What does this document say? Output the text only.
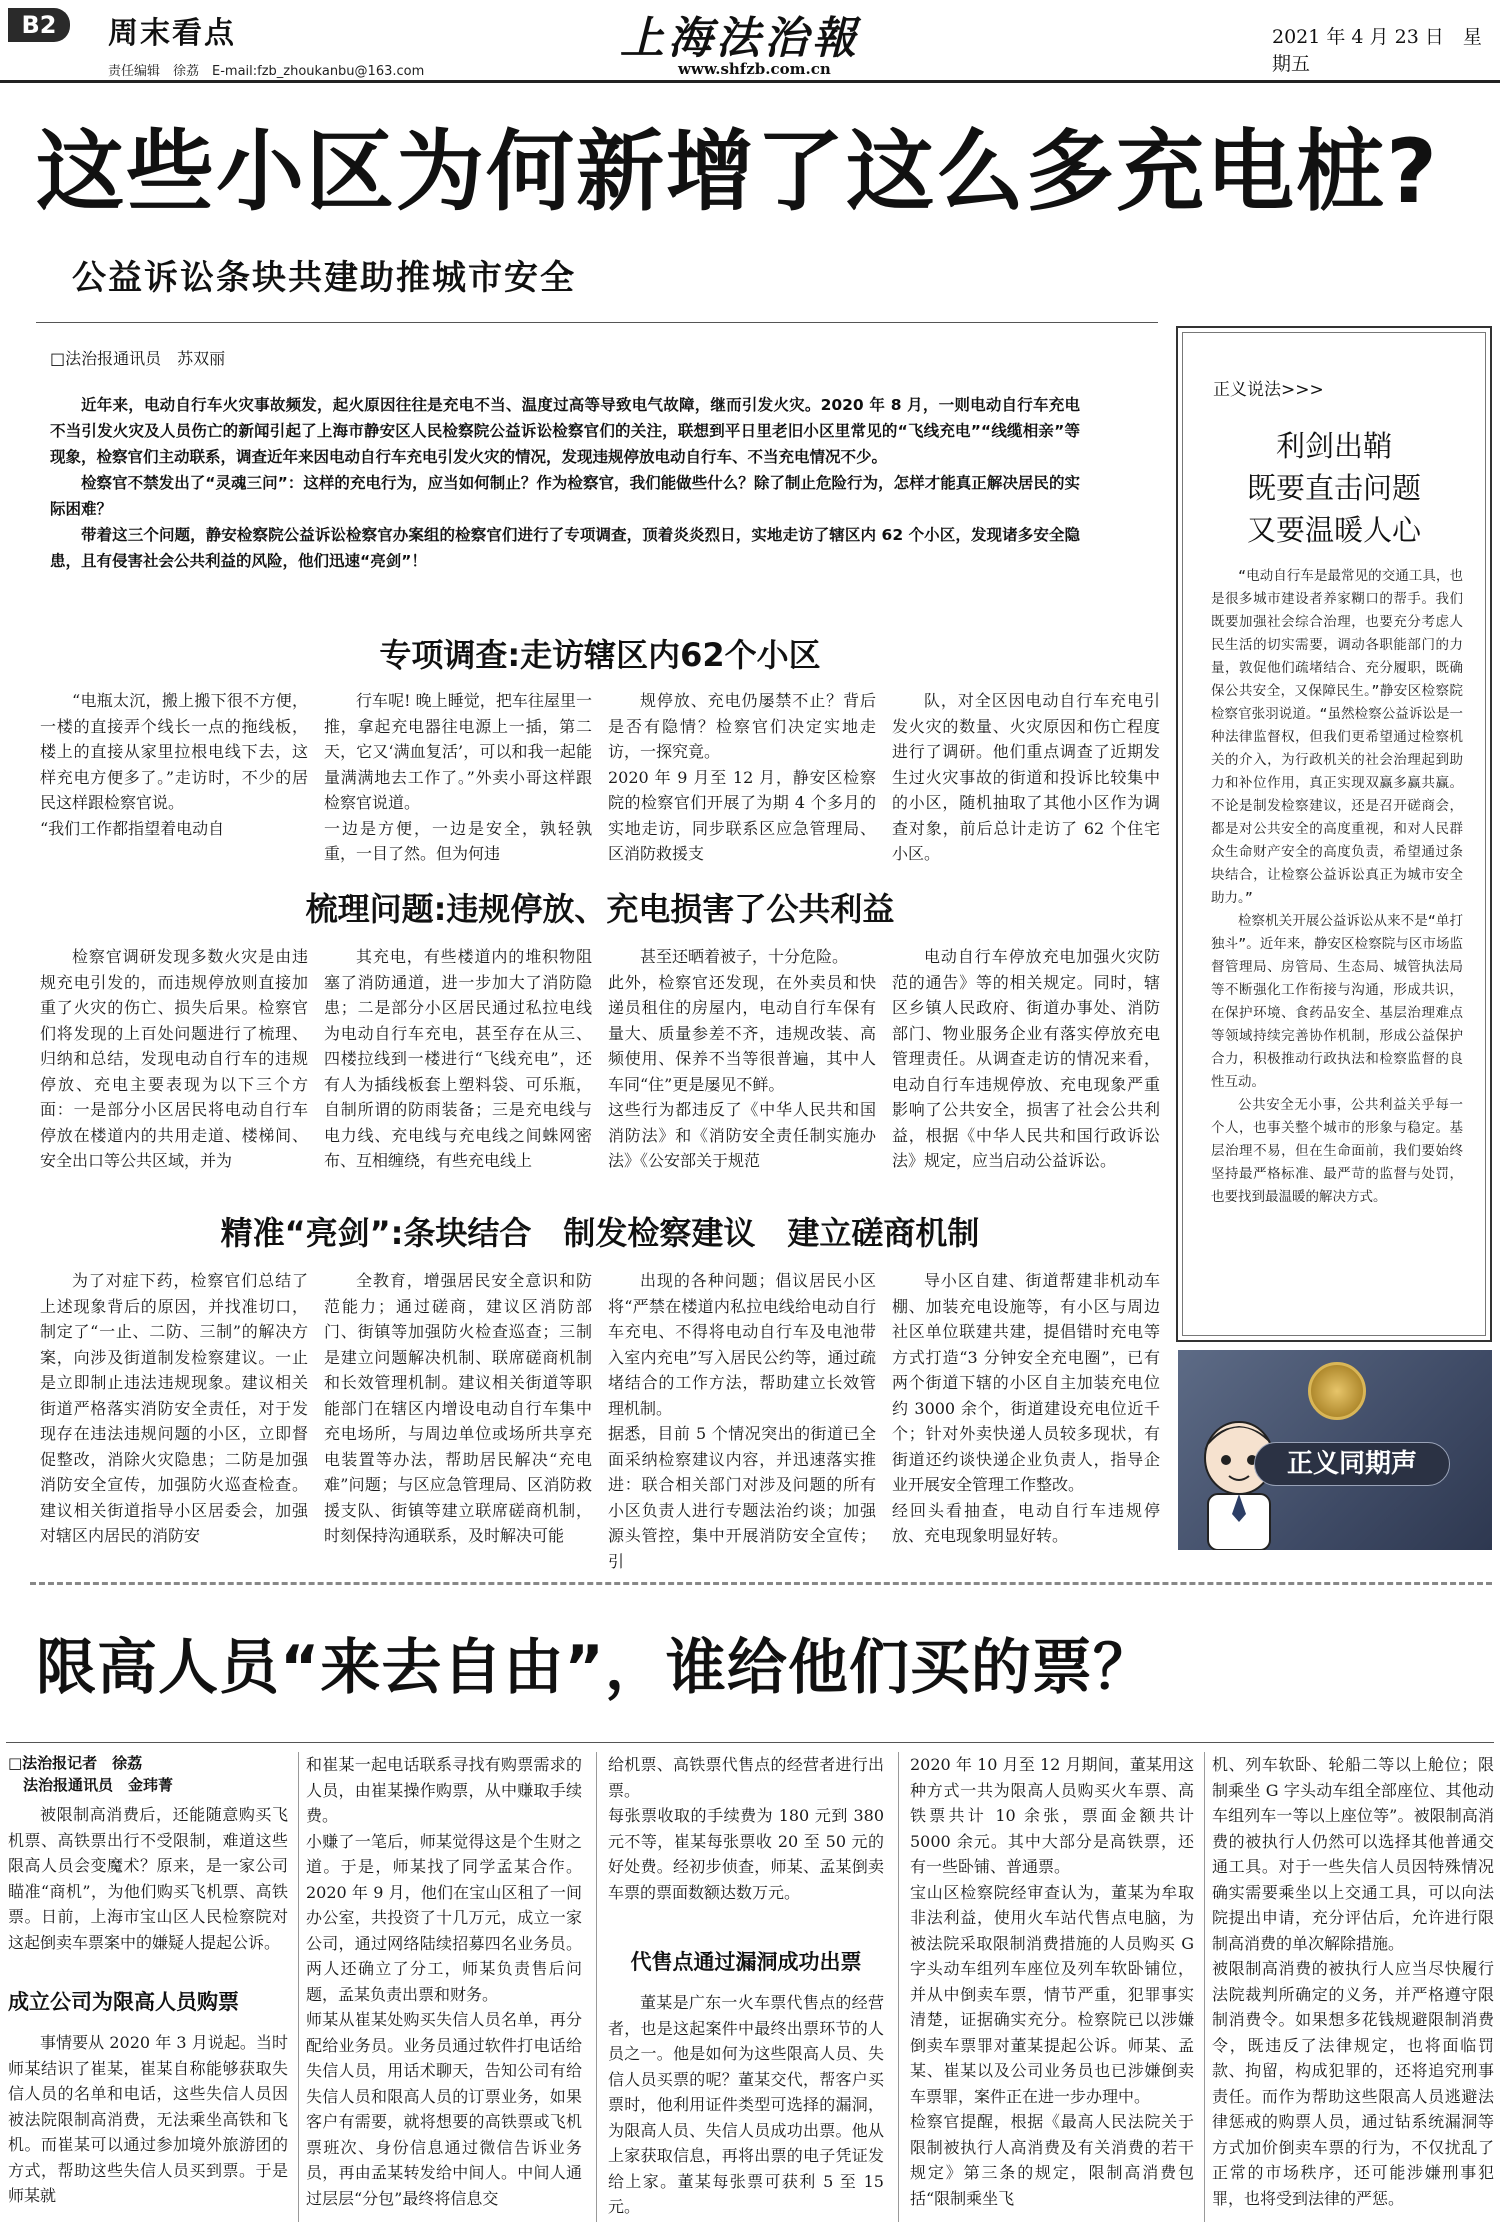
B2	周末看点
责任编辑　徐荔　E-mail:fzb_zhoukanbu@163.com
上海法治報
www.shfzb.com.cn
2021 年 4 月 23 日　星期五
这些小区为何新增了这么多充电桩?
公益诉讼条块共建助推城市安全
□法治报通讯员　苏双丽

近年来，电动自行车火灾事故频发，起火原因往往是充电不当、温度过高等导致电气故障，继而引发火灾。2020 年 8 月，一则电动自行车充电不当引发火灾及人员伤亡的新闻引起了上海市静安区人民检察院公益诉讼检察官们的关注，联想到平日里老旧小区里常见的“飞线充电”“线缆相亲”等现象，检察官们主动联系，调查近年来因电动自行车充电引发火灾的情况，发现违规停放电动自行车、不当充电情况不少。

检察官不禁发出了“灵魂三问”：这样的充电行为，应当如何制止？作为检察官，我们能做些什么？除了制止危险行为，怎样才能真正解决居民的实际困难？

带着这三个问题，静安检察院公益诉讼检察官办案组的检察官们进行了专项调查，顶着炎炎烈日，实地走访了辖区内 62 个小区，发现诸多安全隐患，且有侵害社会公共利益的风险，他们迅速“亮剑”！

专项调查:走访辖区内62个小区
“电瓶太沉，搬上搬下很不方便，一楼的直接弄个线长一点的拖线板，楼上的直接从家里拉根电线下去，这样充电方便多了。”走访时，不少的居民这样跟检察官说。
“我们工作都指望着电动自
行车呢! 晚上睡觉，把车往屋里一推，拿起充电器往电源上一插，第二天，它又‘满血复活’，可以和我一起能量满满地去工作了。”外卖小哥这样跟检察官说道。
一边是方便，一边是安全，孰轻孰重，一目了然。但为何违
规停放、充电仍屡禁不止？背后是否有隐情？检察官们决定实地走访，一探究竟。
2020 年 9 月至 12 月，静安区检察院的检察官们开展了为期 4 个多月的实地走访，同步联系区应急管理局、区消防救援支
队，对全区因电动自行车充电引发火灾的数量、火灾原因和伤亡程度进行了调研。他们重点调查了近期发生过火灾事故的街道和投诉比较集中的小区，随机抽取了其他小区作为调查对象，前后总计走访了 62 个住宅小区。
梳理问题:违规停放、充电损害了公共利益
检察官调研发现多数火灾是由违规充电引发的，而违规停放则直接加重了火灾的伤亡、损失后果。检察官们将发现的上百处问题进行了梳理、归纳和总结，发现电动自行车的违规停放、充电主要表现为以下三个方面：一是部分小区居民将电动自行车停放在楼道内的共用走道、楼梯间、安全出口等公共区域，并为
其充电，有些楼道内的堆积物阻塞了消防通道，进一步加大了消防隐患；二是部分小区居民通过私拉电线为电动自行车充电，甚至存在从三、四楼拉线到一楼进行“飞线充电”，还有人为插线板套上塑料袋、可乐瓶，自制所谓的防雨装备；三是充电线与电力线、充电线与充电线之间蛛网密布、互相缠绕，有些充电线上
甚至还晒着被子，十分危险。
此外，检察官还发现，在外卖员和快递员租住的房屋内，电动自行车保有量大、质量参差不齐，违规改装、高频使用、保养不当等很普遍，其中人车同“住”更是屡见不鲜。
这些行为都违反了《中华人民共和国消防法》和《消防安全责任制实施办法》《公安部关于规范
电动自行车停放充电加强火灾防范的通告》等的相关规定。同时，辖区乡镇人民政府、街道办事处、消防部门、物业服务企业有落实停放充电管理责任。从调查走访的情况来看，电动自行车违规停放、充电现象严重影响了公共安全，损害了社会公共利益，根据《中华人民共和国行政诉讼法》规定，应当启动公益诉讼。
精准“亮剑”:条块结合　制发检察建议　建立磋商机制
为了对症下药，检察官们总结了上述现象背后的原因，并找准切口，制定了“一止、二防、三制”的解决方案，向涉及街道制发检察建议。一止是立即制止违法违规现象。建议相关街道严格落实消防安全责任，对于发现存在违法违规问题的小区，立即督促整改，消除火灾隐患；二防是加强消防安全宣传，加强防火巡查检查。建议相关街道指导小区居委会，加强对辖区内居民的消防安
全教育，增强居民安全意识和防范能力；通过磋商，建议区消防部门、街镇等加强防火检查巡查；三制是建立问题解决机制、联席磋商机制和长效管理机制。建议相关街道等职能部门在辖区内增设电动自行车集中充电场所，与周边单位或场所共享充电装置等办法，帮助居民解决“充电难”问题；与区应急管理局、区消防救援支队、街镇等建立联席磋商机制，时刻保持沟通联系，及时解决可能
出现的各种问题；倡议居民小区将“严禁在楼道内私拉电线给电动自行车充电、不得将电动自行车及电池带入室内充电”写入居民公约等，通过疏堵结合的工作方法，帮助建立长效管理机制。
据悉，目前 5 个情况突出的街道已全面采纳检察建议内容，并迅速落实推进：联合相关部门对涉及问题的所有小区负责人进行专题法治约谈；加强源头管控，集中开展消防安全宣传；引
导小区自建、街道帮建非机动车棚、加装充电设施等，有小区与周边社区单位联建共建，提倡错时充电等方式打造“3 分钟安全充电圈”，已有两个街道下辖的小区自主加装充电位约 3000 余个，街道建设充电位近千个；针对外卖快递人员较多现状，有街道还约谈快递企业负责人，指导企业开展安全管理工作整改。
经回头看抽查，电动自行车违规停放、充电现象明显好转。
正义说法>>>
利剑出鞘
既要直击问题
又要温暖人心

“电动自行车是最常见的交通工具，也是很多城市建设者养家糊口的帮手。我们既要加强社会综合治理，也要充分考虑人民生活的切实需要，调动各职能部门的力量，敦促他们疏堵结合、充分履职，既确保公共安全，又保障民生。”静安区检察院检察官张羽说道。“虽然检察公益诉讼是一种法律监督权，但我们更希望通过检察机关的介入，为行政机关的社会治理起到助力和补位作用，真正实现双赢多赢共赢。不论是制发检察建议，还是召开磋商会，都是对公共安全的高度重视，和对人民群众生命财产安全的高度负责，希望通过条块结合，让检察公益诉讼真正为城市安全助力。”

检察机关开展公益诉讼从来不是“单打独斗”。近年来，静安区检察院与区市场监督管理局、房管局、生态局、城管执法局等不断强化工作衔接与沟通，形成共识，在保护环境、食药品安全、基层治理难点等领域持续完善协作机制，形成公益保护合力，积极推动行政执法和检察监督的良性互动。

公共安全无小事，公共利益关乎每一个人，也事关整个城市的形象与稳定。基层治理不易，但在生命面前，我们要始终坚持最严格标准、最严苛的监督与处罚，也要找到最温暖的解决方式。

正义同期声
限高人员“来去自由”，谁给他们买的票？
□法治报记者　徐荔
　法治报通讯员　金玮菁
被限制高消费后，还能随意购买飞机票、高铁票出行不受限制，难道这些限高人员会变魔术？原来，是一家公司瞄准“商机”，为他们购买飞机票、高铁票。日前，上海市宝山区人民检察院对这起倒卖车票案中的嫌疑人提起公诉。
成立公司为限高人员购票
事情要从 2020 年 3 月说起。当时师某结识了崔某，崔某自称能够获取失信人员的名单和电话，这些失信人员因被法院限制高消费，无法乘坐高铁和飞机。而崔某可以通过参加境外旅游团的方式，帮助这些失信人员买到票。于是师某就
和崔某一起电话联系寻找有购票需求的人员，由崔某操作购票，从中赚取手续费。
小赚了一笔后，师某觉得这是个生财之道。于是，师某找了同学孟某合作。2020 年 9 月，他们在宝山区租了一间办公室，共投资了十几万元，成立一家公司，通过网络陆续招募四名业务员。两人还确立了分工，师某负责售后问题，孟某负责出票和财务。
师某从崔某处购买失信人员名单，再分配给业务员。业务员通过软件打电话给失信人员，用话术聊天，告知公司有给失信人员和限高人员的订票业务，如果客户有需要，就将想要的高铁票或飞机票班次、身份信息通过微信告诉业务员，再由孟某转发给中间人。中间人通过层层“分包”最终将信息交
给机票、高铁票代售点的经营者进行出票。
每张票收取的手续费为 180 元到 380 元不等，崔某每张票收 20 至 50 元的好处费。经初步侦查，师某、孟某倒卖车票的票面数额达数万元。
代售点通过漏洞成功出票
董某是广东一火车票代售点的经营者，也是这起案件中最终出票环节的人员之一。他是如何为这些限高人员、失信人员买票的呢？董某交代，帮客户买票时，他利用证件类型可选择的漏洞，为限高人员、失信人员成功出票。他从上家获取信息，再将出票的电子凭证发给上家。董某每张票可获利 5 至 15 元。
2020 年 10 月至 12 月期间，董某用这种方式一共为限高人员购买火车票、高铁票共计 10 余张，票面金额共计 5000 余元。其中大部分是高铁票，还有一些卧铺、普通票。
宝山区检察院经审查认为，董某为牟取非法利益，使用火车站代售点电脑，为被法院采取限制消费措施的人员购买 G 字头动车组列车座位及列车软卧铺位，并从中倒卖车票，情节严重，犯罪事实清楚，证据确实充分。检察院已以涉嫌倒卖车票罪对董某提起公诉。师某、孟某、崔某以及公司业务员也已涉嫌倒卖车票罪，案件正在进一步办理中。
检察官提醒，根据《最高人民法院关于限制被执行人高消费及有关消费的若干规定》第三条的规定，限制高消费包括“限制乘坐飞
机、列车软卧、轮船二等以上舱位；限制乘坐 G 字头动车组全部座位、其他动车组列车一等以上座位等”。被限制高消费的被执行人仍然可以选择其他普通交通工具。对于一些失信人员因特殊情况确实需要乘坐以上交通工具，可以向法院提出申请，充分评估后，允许进行限制高消费的单次解除措施。
被限制高消费的被执行人应当尽快履行法院裁判所确定的义务，并严格遵守限制消费令。如果想多花钱规避限制消费令，既违反了法律规定，也将面临罚款、拘留，构成犯罪的，还将追究刑事责任。而作为帮助这些限高人员逃避法律惩戒的购票人员，通过钻系统漏洞等方式加价倒卖车票的行为，不仅扰乱了正常的市场秩序，还可能涉嫌刑事犯罪，也将受到法律的严惩。
